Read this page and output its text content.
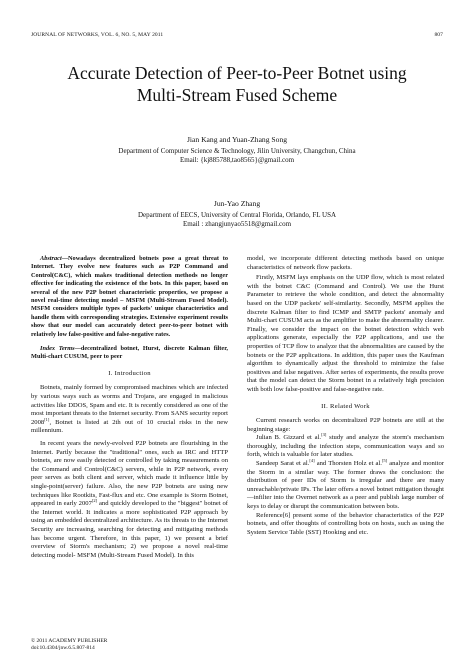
JOURNAL OF NETWORKS, VOL. 6, NO. 5, MAY 2011	807
Accurate Detection of Peer-to-Peer Botnet using
Multi-Stream Fused Scheme
Jian Kang and Yuan-Zhang Song
Department of Computer Science & Technology, Jilin University, Changchun, China
Email: {kj885788,tao8565}@gmail.com
Jun-Yao Zhang
Department of EECS, University of Central Florida, Orlando, FL USA
Email : zhangjunyao5518@gmail.com

Abstract—Nowadays decentralized botnets pose a great threat to Internet. They evolve new features such as P2P Command and Control(C&C), which makes traditional detection methods no longer effective for indicating the existence of the bots. In this paper, based on several of the new P2P botnet characteristic properties, we propose a novel real-time detecting model – MSFM (Multi-Stream Fused Model). MSFM considers multiple types of packets' unique characteristics and handle them with corresponding strategies. Extensive experiment results show that our model can accurately detect peer-to-peer botnet with relatively low false-positive and false-negative rates.

Index Terms—decentralized botnet, Hurst, discrete Kalman filter, Multi-chart CUSUM, peer to peer

I. Introduction

Botnets, mainly formed by compromised machines which are infected by various ways such as worms and Trojans, are engaged in malicious activities like DDOS, Spam and etc. It is recently considered as one of the most important threats to the Internet security. From SANS security report 2008[1], Botnet is listed at 2th out of 10 crucial risks in the new millennium.

In recent years the newly-evolved P2P botnets are flourishing in the Internet. Partly because the "traditional" ones, such as IRC and HTTP botnets, are now easily detected or controlled by taking measurements on the Command and Control(C&C) servers, while in P2P network, every peer serves as both client and server, which made it influence little by single-point(server) failure. Also, the new P2P botnets are using new techniques like Rootkits, Fast-flux and etc. One example is Storm Botnet, appeared in early 2007[2] and quickly developed to the "biggest" botnet of the Internet world. It indicates a more sophisticated P2P approach by using an embedded decentralized architecture. As its threats to the Internet Security are increasing, searching for detecting and mitigating methods has become urgent. Therefore, in this paper, 1) we present a brief overview of Storm's mechanism; 2) we propose a novel real-time detecting model- MSFM (Multi-Stream Fused Model). In this

model, we incorporate different detecting methods based on unique characteristics of network flow packets.

Firstly, MSFM lays emphasis on the UDP flow, which is most related with the botnet C&C (Command and Control). We use the Hurst Parameter to retrieve the whole condition, and detect the abnormality based on the UDP packets' self-similarity. Secondly, MSFM applies the discrete Kalman filter to find ICMP and SMTP packets' anomaly and Multi-chart CUSUM acts as the amplifier to make the abnormality clearer. Finally, we consider the impact on the botnet detection which web applications generate, especially the P2P applications, and use the properties of TCP flow to analyze that the abnormalities are caused by the botnets or the P2P applications. In addition, this paper uses the Kaufman algorithm to dynamically adjust the threshold to minimize the false positives and false negatives. After series of experiments, the results prove that the model can detect the Storm botnet in a relatively high precision with both low false-positive and false-negative rate.

II. Related Work

Current research works on decentralized P2P botnets are still at the beginning stage:

Julian B. Gizzard et al.[3] study and analyze the storm's mechanism thoroughly, including the infection steps, communication ways and so forth, which is valuable for later studies.

Sandeep Sarat et al.[4] and Thorsten Holz et al.[5] analyze and monitor the Storm in a similar way. The former draws the conclusion: the distribution of peer IDs of Storm is irregular and there are many unreachable/private IPs. The later offers a novel botnet mitigation thought—infilter into the Overnet network as a peer and publish large number of keys to delay or disrupt the communication between bots.

Reference[6] present some of the behavior characteristics of the P2P botnets, and offer thoughts of controlling bots on hosts, such as using the System Service Table (SST) Hooking and etc.

© 2011 ACADEMY PUBLISHER
doi:10.4304/jnw.6.5.807-814
